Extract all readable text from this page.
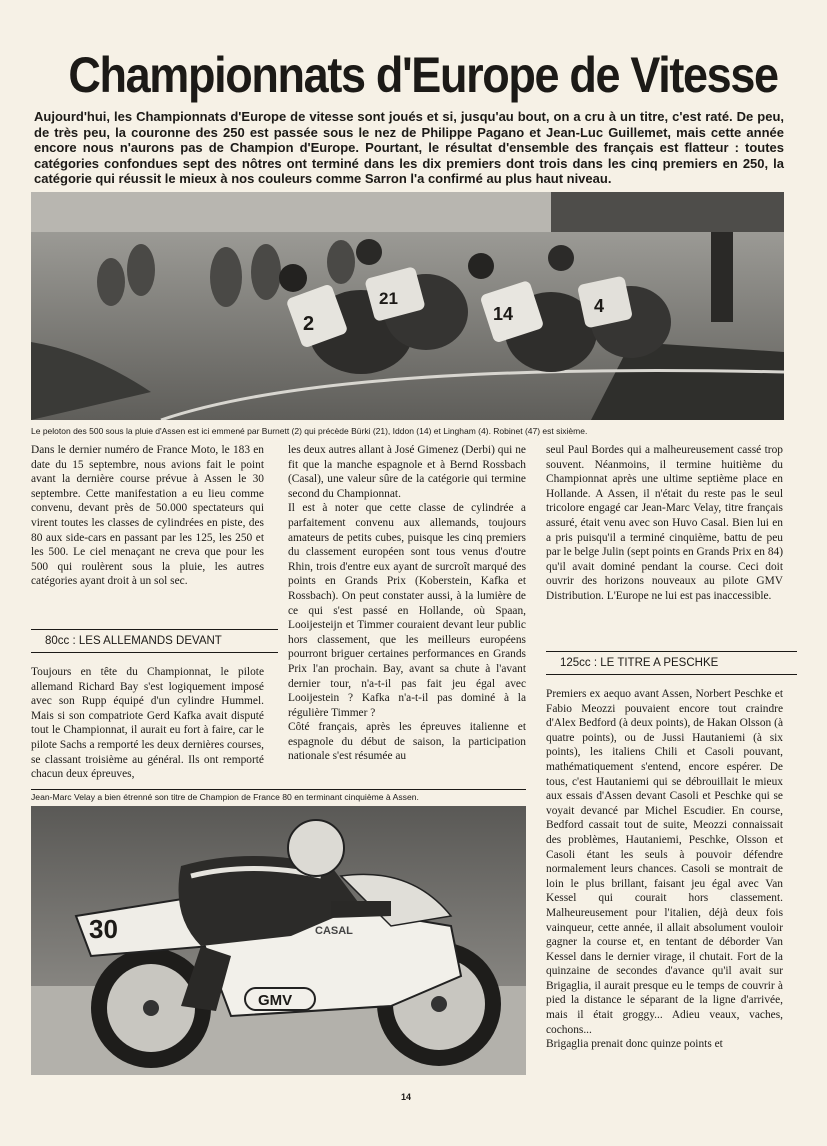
Championnats d'Europe de Vitesse
Aujourd'hui, les Championnats d'Europe de vitesse sont joués et si, jusqu'au bout, on a cru à un titre, c'est raté. De peu, de très peu, la couronne des 250 est passée sous le nez de Philippe Pagano et Jean-Luc Guillemet, mais cette année encore nous n'aurons pas de Champion d'Europe. Pourtant, le résultat d'ensemble des français est flatteur : toutes catégories confondues sept des nôtres ont terminé dans les dix premiers dont trois dans les cinq premiers en 250, la catégorie qui réussit le mieux à nos couleurs comme Sarron l'a confirmé au plus haut niveau.
2
21
14	4
Le peloton des 500 sous la pluie d'Assen est ici emmené par Burnett (2) qui précède Bürki (21), Iddon (14) et Lingham (4). Robinet (47) est sixième.

Dans le dernier numéro de France Moto, le 183 en date du 15 septembre, nous avions fait le point avant la dernière course prévue à Assen le 30 septembre. Cette manifestation a eu lieu comme convenu, devant près de 50.000 spectateurs qui virent toutes les classes de cylindrées en piste, des 80 aux side-cars en passant par les 125, les 250 et les 500. Le ciel menaçant ne creva que pour les 500 qui roulèrent sous la pluie, les autres catégories ayant droit à un sol sec.

80cc : LES ALLEMANDS DEVANT

Toujours en tête du Championnat, le pilote allemand Richard Bay s'est logiquement imposé avec son Rupp équipé d'un cylindre Hummel. Mais si son compatriote Gerd Kafka avait disputé tout le Championnat, il aurait eu fort à faire, car le pilote Sachs a remporté les deux dernières courses, se classant troisième au général. Ils ont remporté chacun deux épreuves,

les deux autres allant à José Gimenez (Derbi) qui ne fit que la manche espagnole et à Bernd Rossbach (Casal), une valeur sûre de la catégorie qui termine second du Championnat.

Il est à noter que cette classe de cylindrée a parfaitement convenu aux allemands, toujours amateurs de petits cubes, puisque les cinq premiers du classement européen sont tous venus d'outre Rhin, trois d'entre eux ayant de surcroît marqué des points en Grands Prix (Koberstein, Kafka et Rossbach). On peut constater aussi, à la lumière de ce qui s'est passé en Hollande, où Spaan, Looijesteijn et Timmer couraient devant leur public hors classement, que les meilleurs européens pourront briguer certaines performances en Grands Prix l'an prochain. Bay, avant sa chute à l'avant dernier tour, n'a-t-il pas fait jeu égal avec Looijestein ? Kafka n'a-t-il pas dominé à la régulière Timmer ?

Côté français, après les épreuves italienne et espagnole du début de saison, la participation nationale s'est résumée au

seul Paul Bordes qui a malheureusement cassé trop souvent. Néanmoins, il termine huitième du Championnat après une ultime septième place en Hollande. A Assen, il n'était du reste pas le seul tricolore engagé car Jean-Marc Velay, titre français assuré, était venu avec son Huvo Casal. Bien lui en a pris puisqu'il a terminé cinquième, battu de peu par le belge Julin (sept points en Grands Prix en 84) qu'il avait dominé pendant la course. Ceci doit ouvrir des horizons nouveaux au pilote GMV Distribution. L'Europe ne lui est pas inaccessible.

125cc : LE TITRE A PESCHKE

Premiers ex aequo avant Assen, Norbert Peschke et Fabio Meozzi pouvaient encore tout craindre d'Alex Bedford (à deux points), de Hakan Olsson (à quatre points), ou de Jussi Hautaniemi (à six points), les italiens Chili et Casoli pouvant, mathématiquement s'entend, encore espérer. De tous, c'est Hautaniemi qui se débrouillait le mieux aux essais d'Assen devant Casoli et Peschke qui se voyait devancé par Michel Escudier. En course, Bedford cassait tout de suite, Meozzi connaissait des problèmes, Hautaniemi, Peschke, Olsson et Casoli étant les seuls à pouvoir défendre normalement leurs chances. Casoli se montrait de loin le plus brillant, faisant jeu égal avec Van Kessel qui courait hors classement. Malheureusement pour l'italien, déjà deux fois vainqueur, cette année, il allait absolument vouloir gagner la course et, en tentant de déborder Van Kessel dans le dernier virage, il chutait. Fort de la quinzaine de secondes d'avance qu'il avait sur Brigaglia, il aurait presque eu le temps de couvrir à pied la distance le séparant de la ligne d'arrivée, mais il était groggy... Adieu veaux, vaches, cochons...

Brigaglia prenait donc quinze points et

Jean-Marc Velay a bien étrenné son titre de Champion de France 80 en terminant cinquième à Assen.
30
GMV
CASAL
14
